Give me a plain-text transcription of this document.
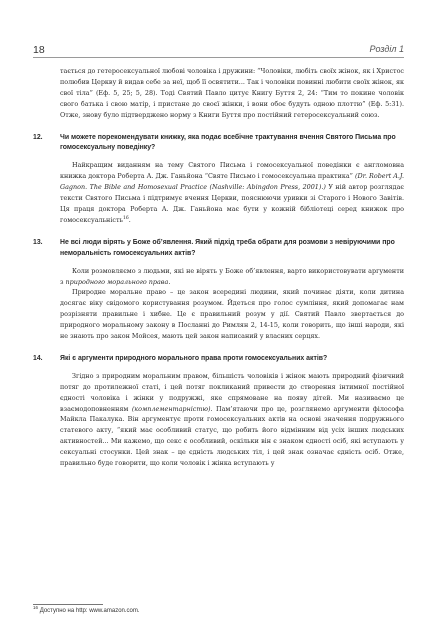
18	Розділ 1

тається до гетеросексуальної любові чоловіка і дружини: “Чоловіки, любіть своїх жінок, як і Христос полюбив Церкву й видав себе за неї, щоб її освятити... Так і чоловіки повинні любити своїх жінок, як свої тіла” (Еф. 5, 25; 5, 28). Тоді Святий Павло цитує Книгу Буття 2, 24: “Тим то покине чоловік свого батька і свою матір, і пристане до своєї жінки, і вони обоє будуть одною плоттю” (Еф. 5:31). Отже, знову було підтверджено норму з Книги Буття про постійний гетеросексуальний союз.

12.	Чи можете порекомендувати книжку, яка подає всебічне трактування вчення Святого Письма про гомосексуальну поведінку?

Найкращим виданням на тему Святого Письма і гомосексуальної поведінки є англомовна книжка доктора Роберта А. Дж. Ганьйона “Святе Письмо і гомосексуальна практика” (Dr. Robert A.J. Gagnon. The Bible and Homosexual Practice (Nashville: Abingdon Press, 2001).) У ній автор розглядає тексти Святого Письма і підтримує вчення Церкви, пояснюючи уривки зі Старого і Нового Завітів. Ця праця доктора Роберта А. Дж. Ганьйона має бути у кожній бібліотеці серед книжок про гомосексуальність$^{16}$.

13.	Не всі люди вірять у Боже об’явлення. Який підхід треба обрати для розмови з невіруючими про неморальність гомосексуальних актів?

Коли розмовляємо з людьми, які не вірять у Боже об’явлення, варто використовувати аргументи з природного морального права.

Природне моральне право – це закон всередині людини, який починає діяти, коли дитина досягає віку свідомого користування розумом. Йдеться про голос сумління, який допомагає нам розрізняти правильне і хибне. Це є правильний розум у дії. Святий Павло звертається до природного моральному закону в Посланні до Римлян 2, 14-15, коли говорить, що інші народи, які не знають про закон Мойсея, мають цей закон написаний у власних серцях.

14.	Які є аргументи природного морального права проти гомосексуальних актів?

Згідно з природним моральним правом, більшість чоловіків і жінок мають природний фізичний потяг до протилежної статі, і цей потяг покликаний привести до створення інтимної постійної єдності чоловіка і жінки у подружжі, яке спрямоване на появу дітей. Ми називаємо це взаємодоповненням (комплементарністю). Пам’ятаючи про це, розглянемо аргументи філософа Майкла Пакалука. Він аргументує проти гомосексуальних актів на основі значення подружнього статевого акту, “який має особливий статус, що робить його відмінним від усіх інших людських активностей... Ми кажемо, що секс є особливий, оскільки він є знаком єдності осіб, які вступають у сексуальні стосунки. Цей знак – це єдність людських тіл, і цей знак означає єдність осіб. Отже, правильно буде говорити, що коли чоловік і жінка вступають у

$^{16}$ Доступно на http: www.amazon.com.
